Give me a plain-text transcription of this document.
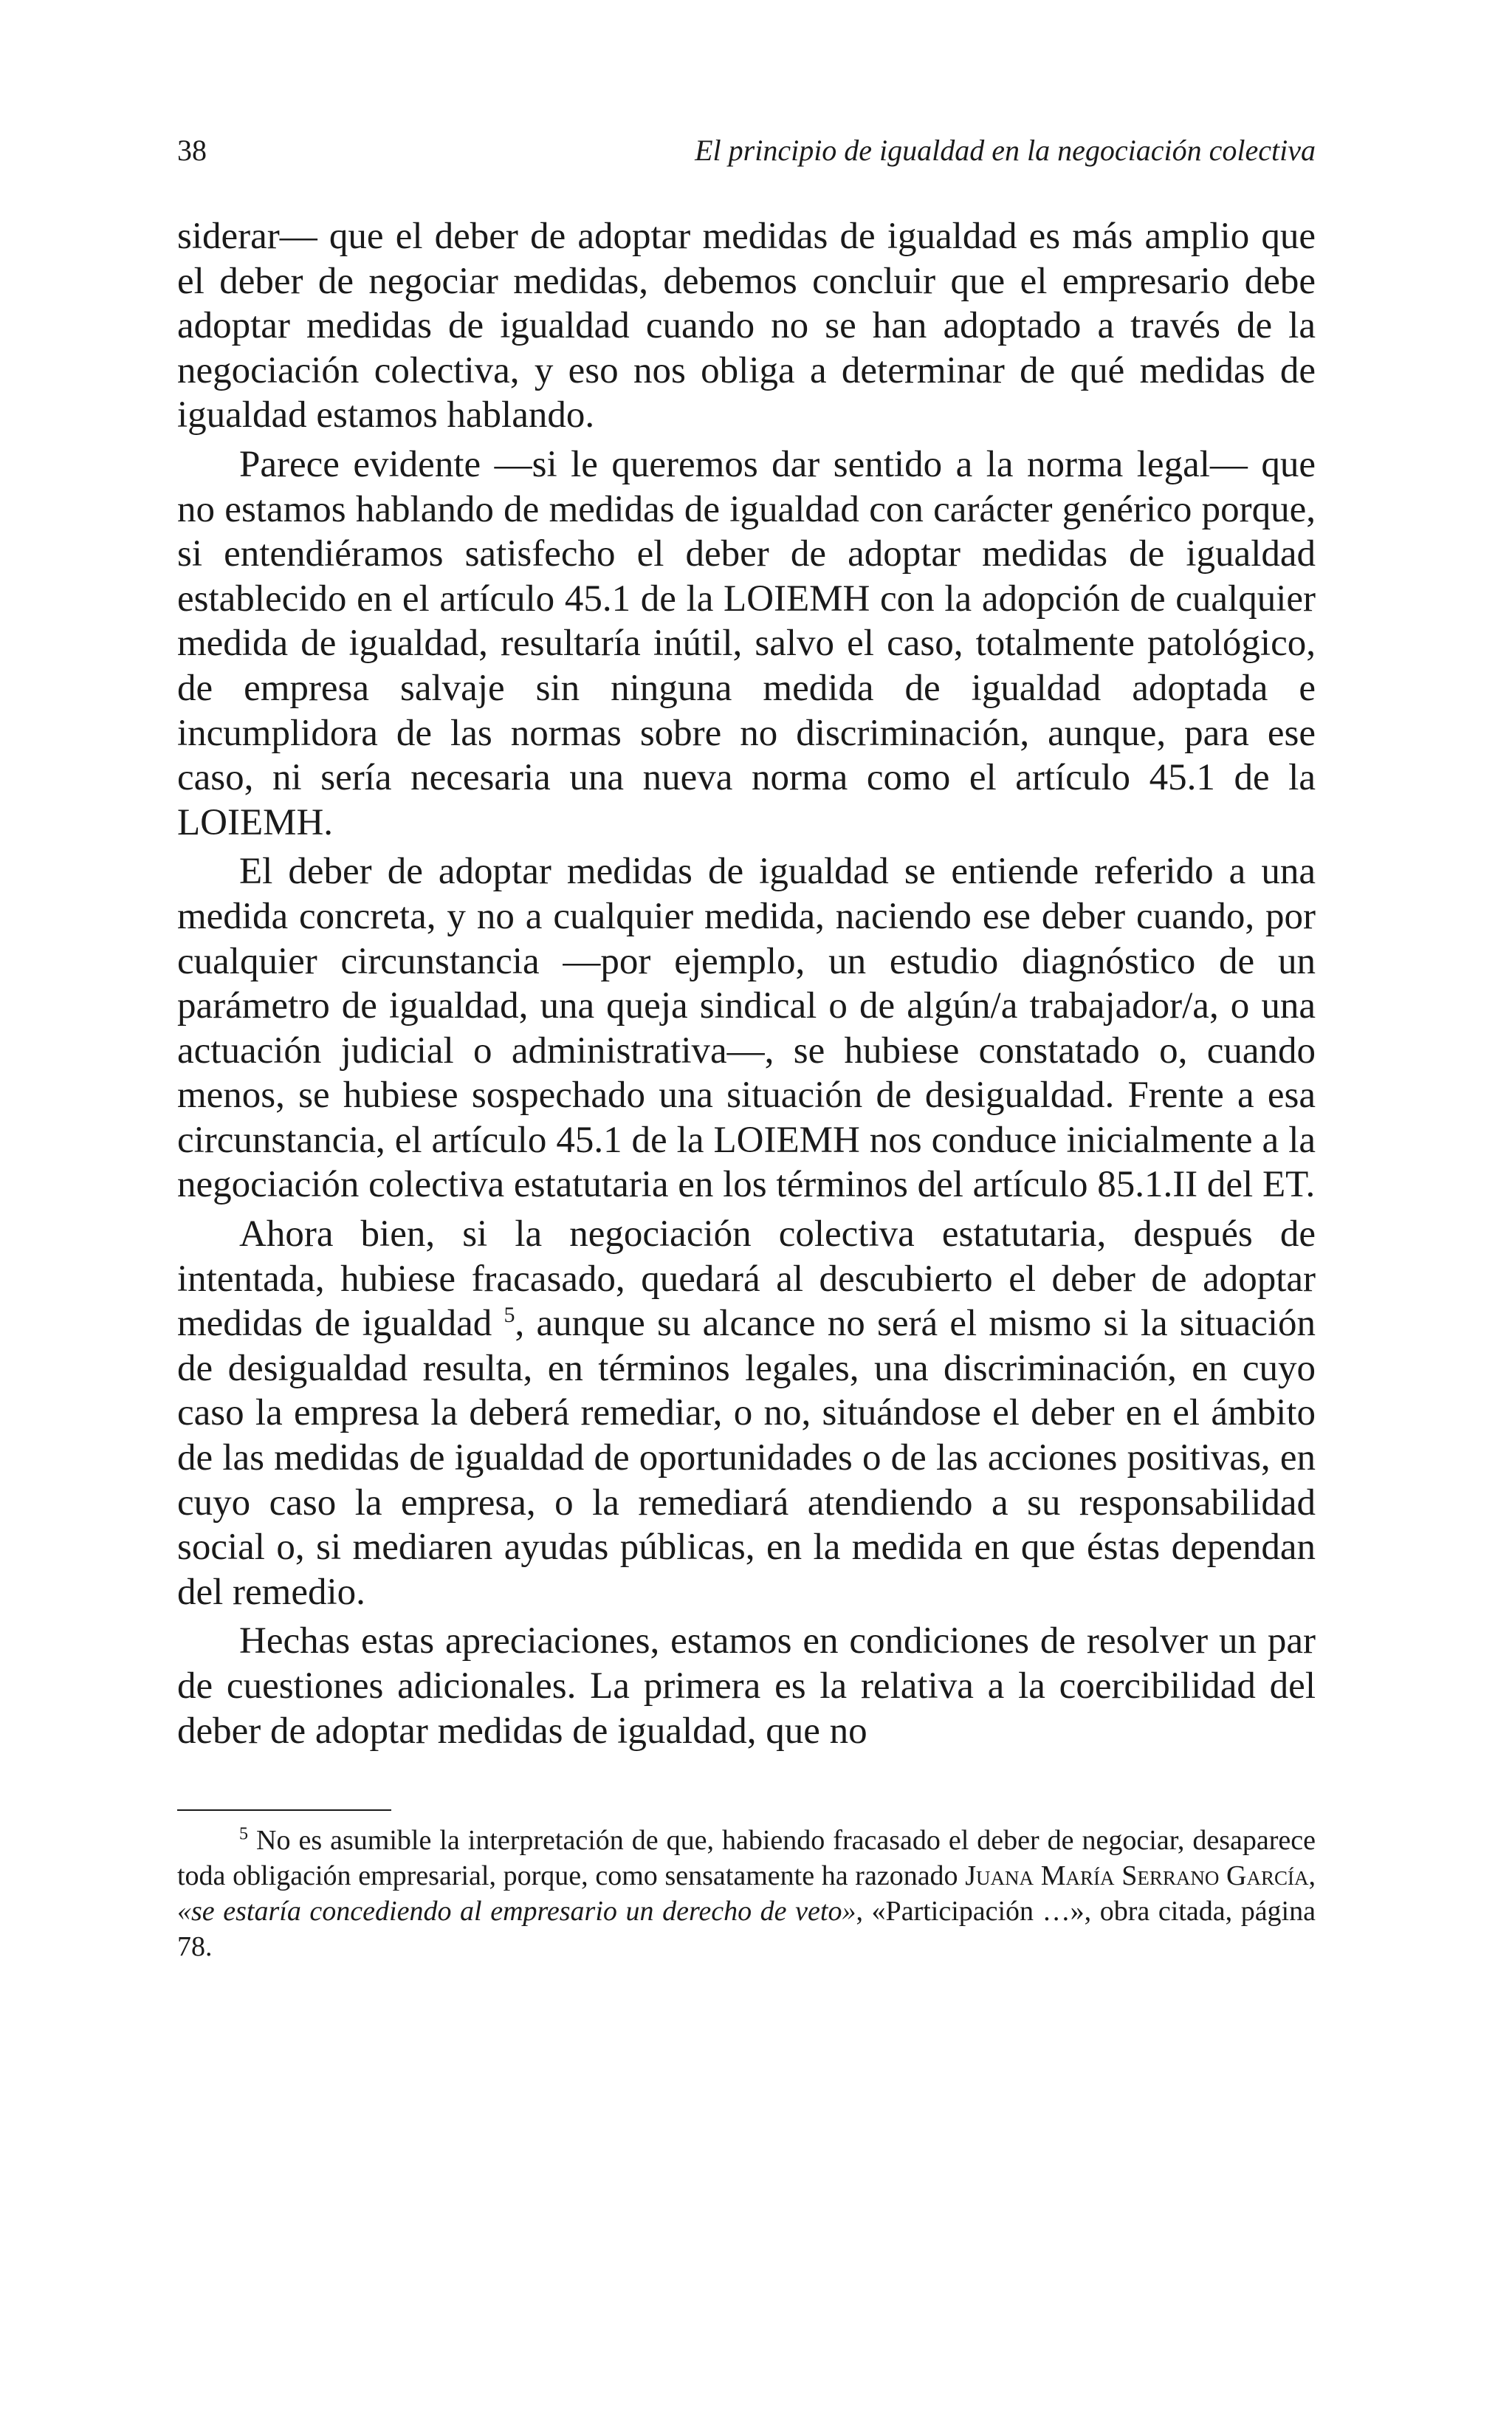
38	El principio de igualdad en la negociación colectiva

siderar— que el deber de adoptar medidas de igualdad es más amplio que el deber de negociar medidas, debemos concluir que el empresario debe adoptar medidas de igualdad cuando no se han adoptado a través de la negociación colectiva, y eso nos obliga a determinar de qué medidas de igualdad estamos hablando.

Parece evidente —si le queremos dar sentido a la norma legal— que no estamos hablando de medidas de igualdad con carácter genérico porque, si entendiéramos satisfecho el deber de adoptar medidas de igualdad establecido en el artículo 45.1 de la LOIEMH con la adopción de cualquier medida de igualdad, resultaría inútil, salvo el caso, totalmente patológico, de empresa salvaje sin ninguna medida de igualdad adoptada e incumplidora de las normas sobre no discriminación, aunque, para ese caso, ni sería necesaria una nueva norma como el artículo 45.1 de la LOIEMH.

El deber de adoptar medidas de igualdad se entiende referido a una medida concreta, y no a cualquier medida, naciendo ese deber cuando, por cualquier circunstancia —por ejemplo, un estudio diagnóstico de un parámetro de igualdad, una queja sindical o de algún/a trabajador/a, o una actuación judicial o administrativa—, se hubiese constatado o, cuando menos, se hubiese sospechado una situación de desigualdad. Frente a esa circunstancia, el artículo 45.1 de la LOIEMH nos conduce inicialmente a la negociación colectiva estatutaria en los términos del artículo 85.1.II del ET.

Ahora bien, si la negociación colectiva estatutaria, después de intentada, hubiese fracasado, quedará al descubierto el deber de adoptar medidas de igualdad $^5$, aunque su alcance no será el mismo si la situación de desigualdad resulta, en términos legales, una discriminación, en cuyo caso la empresa la deberá remediar, o no, situándose el deber en el ámbito de las medidas de igualdad de oportunidades o de las acciones positivas, en cuyo caso la empresa, o la remediará atendiendo a su responsabilidad social o, si mediaren ayudas públicas, en la medida en que éstas dependan del remedio.

Hechas estas apreciaciones, estamos en condiciones de resolver un par de cuestiones adicionales. La primera es la relativa a la coercibilidad del deber de adoptar medidas de igualdad, que no

$^5$ No es asumible la interpretación de que, habiendo fracasado el deber de negociar, desaparece toda obligación empresarial, porque, como sensatamente ha razonado Juana María Serrano García, «se estaría concediendo al empresario un derecho de veto», «Participación …», obra citada, página 78.
